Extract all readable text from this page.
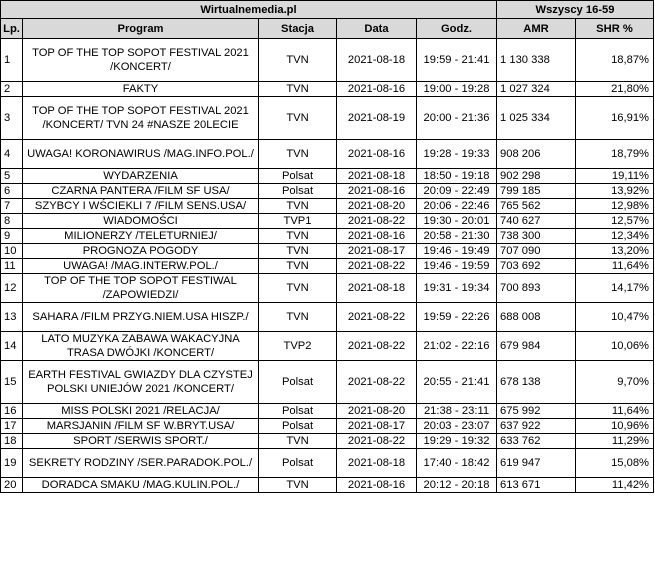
Wirtualnemedia.pl					Wszyscy 16-59	
Lp.	Program	Stacja	Data	Godz.	AMR	SHR %
1	TOP OF THE TOP SOPOT FESTIVAL 2021 /KONCERT/	TVN	2021-08-18	19:59 - 21:41	1 130 338	18,87%
2	FAKTY	TVN	2021-08-16	19:00 - 19:28	1 027 324	21,80%
3	TOP OF THE TOP SOPOT FESTIVAL 2021 /KONCERT/ TVN 24 #NASZE 20LECIE	TVN	2021-08-19	20:00 - 21:36	1 025 334	16,91%
4	UWAGA! KORONAWIRUS /MAG.INFO.POL./	TVN	2021-08-16	19:28 - 19:33	908 206	18,79%
5	WYDARZENIA	Polsat	2021-08-18	18:50 - 19:18	902 298	19,11%
6	CZARNA PANTERA /FILM SF USA/	Polsat	2021-08-16	20:09 - 22:49	799 185	13,92%
7	SZYBCY I WŚCIEKLI 7 /FILM SENS.USA/	TVN	2021-08-20	20:06 - 22:46	765 562	12,98%
8	WIADOMOŚCI	TVP1	2021-08-22	19:30 - 20:01	740 627	12,57%
9	MILIONERZY /TELETURNIEJ/	TVN	2021-08-16	20:58 - 21:30	738 300	12,34%
10	PROGNOZA POGODY	TVN	2021-08-17	19:46 - 19:49	707 090	13,20%
11	UWAGA! /MAG.INTERW.POL./	TVN	2021-08-22	19:46 - 19:59	703 692	11,64%
12	TOP OF THE TOP SOPOT FESTIWAL /ZAPOWIEDZI/	TVN	2021-08-18	19:31 - 19:34	700 893	14,17%
13	SAHARA /FILM PRZYG.NIEM.USA HISZP./	TVN	2021-08-22	19:59 - 22:26	688 008	10,47%
14	LATO MUZYKA ZABAWA WAKACYJNA TRASA DWÓJKI /KONCERT/	TVP2	2021-08-22	21:02 - 22:16	679 984	10,06%
15	EARTH FESTIVAL GWIAZDY DLA CZYSTEJ POLSKI UNIEJÓW 2021 /KONCERT/	Polsat	2021-08-22	20:55 - 21:41	678 138	9,70%
16	MISS POLSKI 2021 /RELACJA/	Polsat	2021-08-20	21:38 - 23:11	675 992	11,64%
17	MARSJANIN /FILM SF W.BRYT.USA/	Polsat	2021-08-17	20:03 - 23:07	637 922	10,96%
18	SPORT /SERWIS SPORT./	TVN	2021-08-22	19:29 - 19:32	633 762	11,29%
19	SEKRETY RODZINY /SER.PARADOK.POL./	Polsat	2021-08-18	17:40 - 18:42	619 947	15,08%
20	DORADCA SMAKU /MAG.KULIN.POL./	TVN	2021-08-16	20:12 - 20:18	613 671	11,42%
